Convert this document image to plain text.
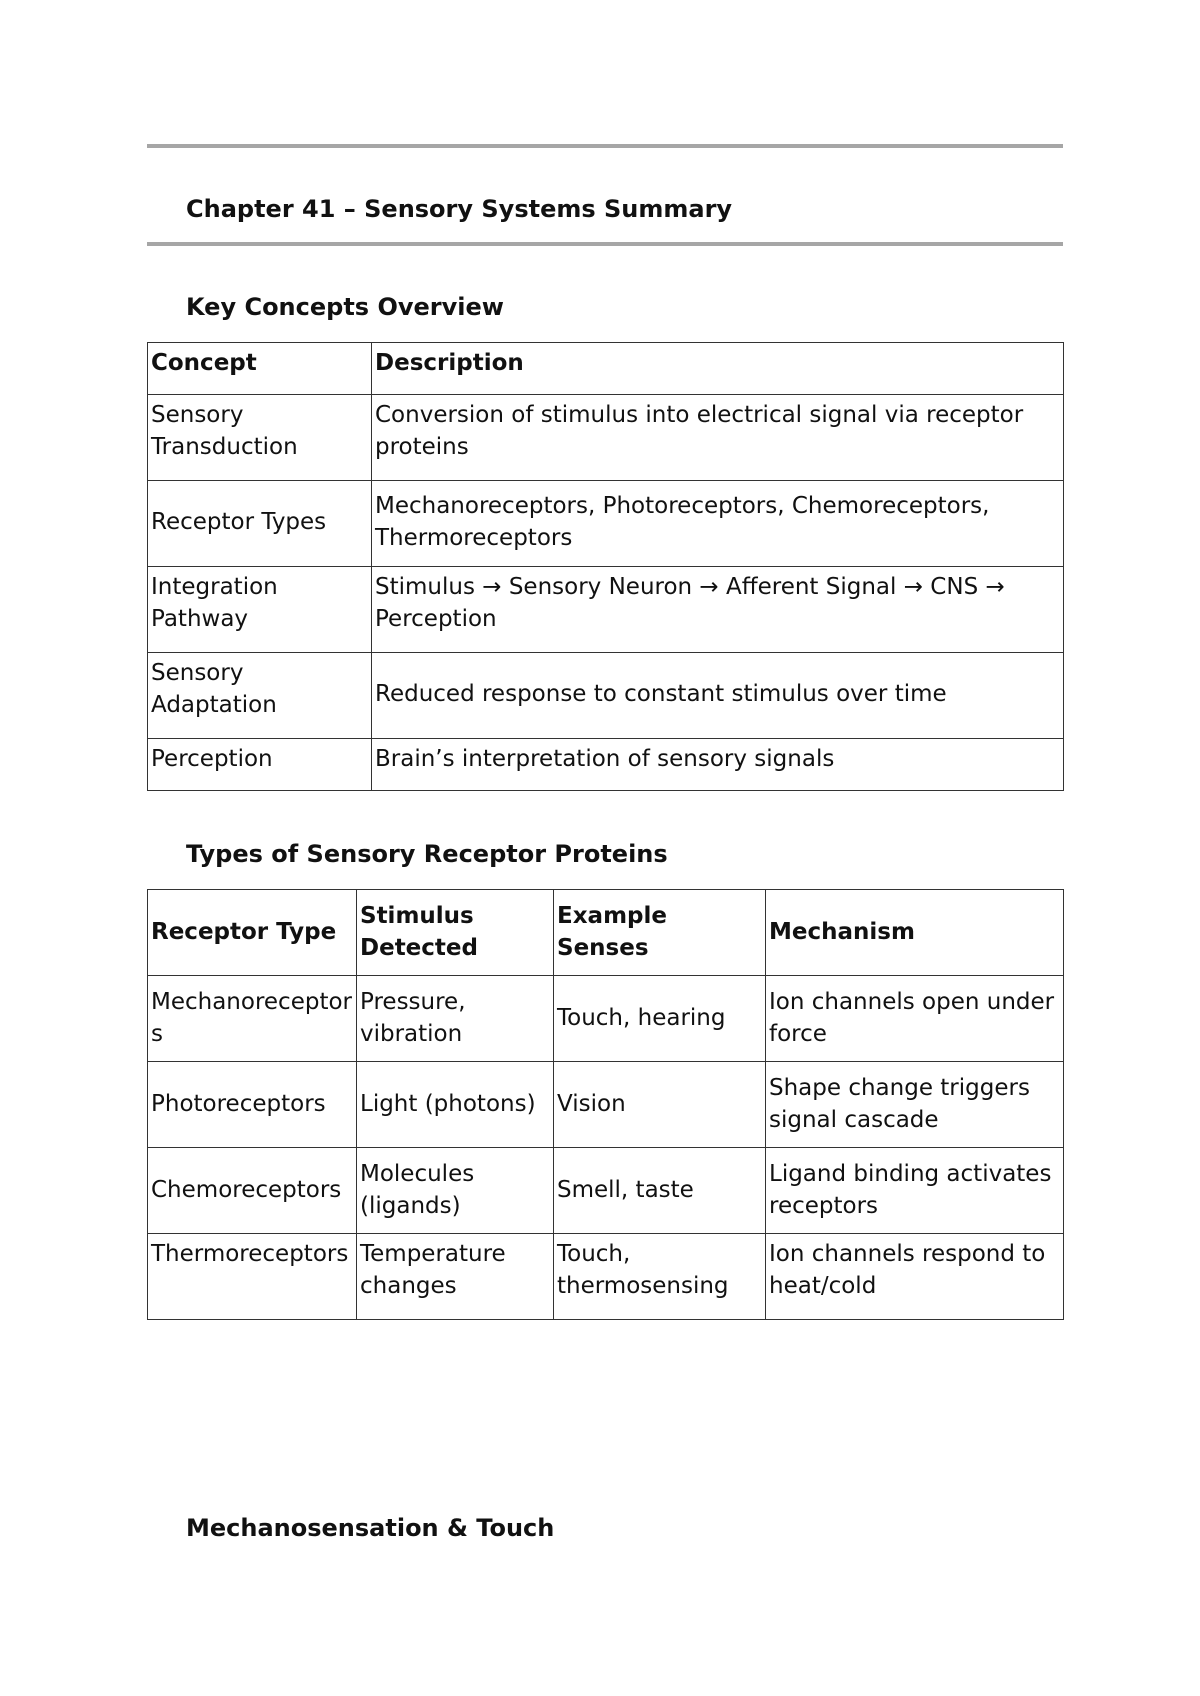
Chapter 41 – Sensory Systems Summary
Key Concepts Overview
Concept	Description
Sensory Transduction	Conversion of stimulus into electrical signal via receptor proteins
Receptor Types	Mechanoreceptors, Photoreceptors, Chemoreceptors, Thermoreceptors
Integration Pathway	Stimulus → Sensory Neuron → Afferent Signal → CNS → Perception
Sensory Adaptation	Reduced response to constant stimulus over time
Perception	Brain’s interpretation of sensory signals
Types of Sensory Receptor Proteins
Receptor Type	Stimulus Detected	Example Senses	Mechanism
Mechanoreceptors	Pressure, vibration	Touch, hearing	Ion channels open under force
Photoreceptors	Light (photons)	Vision	Shape change triggers signal cascade
Chemoreceptors	Molecules (ligands)	Smell, taste	Ligand binding activates receptors
Thermoreceptors	Temperature changes	Touch, thermosensing	Ion channels respond to heat/cold
Mechanosensation & Touch
